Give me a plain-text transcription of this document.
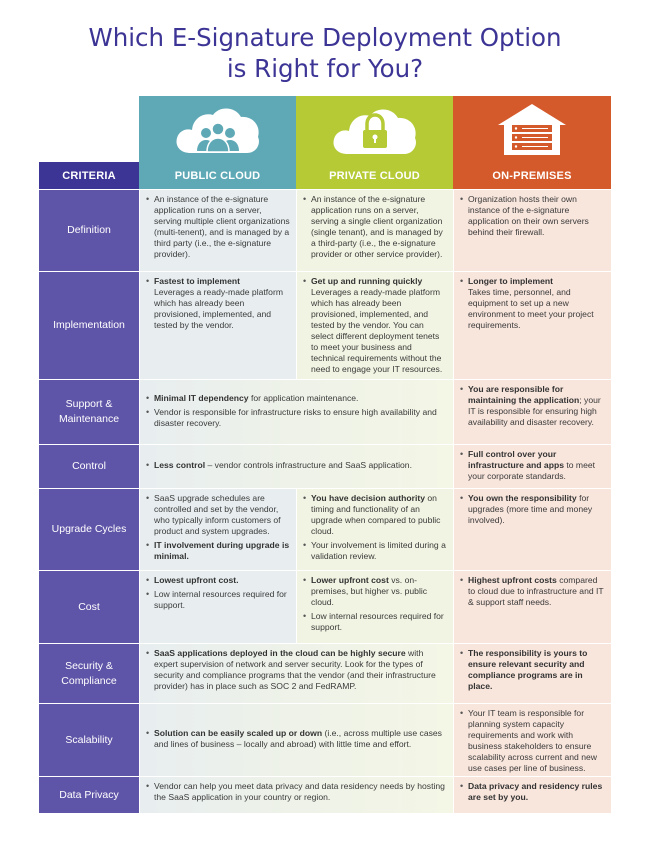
Which E-Signature Deployment Option
is Right for You?
CRITERIA	PUBLIC CLOUD	PRIVATE CLOUD	ON-PREMISES
Definition

• An instance of the e-signature application runs on a server, serving multiple client organizations (multi-tenent), and is managed by a third party (i.e., the e-signature provider).

• An instance of the e-signature application runs on a server, serving a single client organization (single tenant), and is managed by a third-party (i.e., the e-signature provider or other service provider).

• Organization hosts their own instance of the e-signature application on their own servers behind their firewall.

Implementation

• Fastest to implement
Leverages a ready-made platform which has already been provisioned, implemented, and tested by the vendor.

• Get up and running quickly
Leverages a ready-made platform which has already been provisioned, implemented, and tested by the vendor. You can select different deployment tenets to meet your business and technical requirements without the need to engage your IT resources.

• Longer to implement
Takes time, personnel, and equipment to set up a new environment to meet your project requirements.

Support & Maintenance

• Minimal IT dependency for application maintenance.

• Vendor is responsible for infrastructure risks to ensure high availability and disaster recovery.

• You are responsible for maintaining the application; your IT is responsible for ensuring high availability and disaster recovery.

Control

•	Less control – vendor controls infrastructure and SaaS application.

• Full control over your infrastructure and apps to meet your corporate standards.

Upgrade Cycles

• SaaS upgrade schedules are controlled and set by the vendor, who typically inform customers of product and system upgrades.

• IT involvement during upgrade is minimal.

• You have decision authority on timing and functionality of an upgrade when compared to public cloud.

• Your involvement is limited during a validation review.

• You own the responsibility for upgrades (more time and money involved).

Cost

• Lowest upfront cost.

• Low internal resources required for support.

• Lower upfront cost vs. on-premises, but higher vs. public cloud.

• Low internal resources required for support.

• Highest upfront costs compared to cloud due to infrastructure and IT & support staff needs.

Security & Compliance

• SaaS applications deployed in the cloud can be highly secure with expert supervision of network and server security. Look for the types of security and compliance programs that the vendor (and their infrastructure provider) has in place such as SOC 2 and FedRAMP.

• The responsibility is yours to ensure relevant security and compliance programs are in place.

Scalability

• Solution can be easily scaled up or down (i.e., across multiple use cases and lines of business – locally and abroad) with little time and effort.

• Your IT team is responsible for planning system capacity requirements and work with business stakeholders to ensure scalability across current and new use cases per line of business.

Data Privacy

• Vendor can help you meet data privacy and data residency needs by hosting the SaaS application in your country or region.

• Data privacy and residency rules are set by you.
